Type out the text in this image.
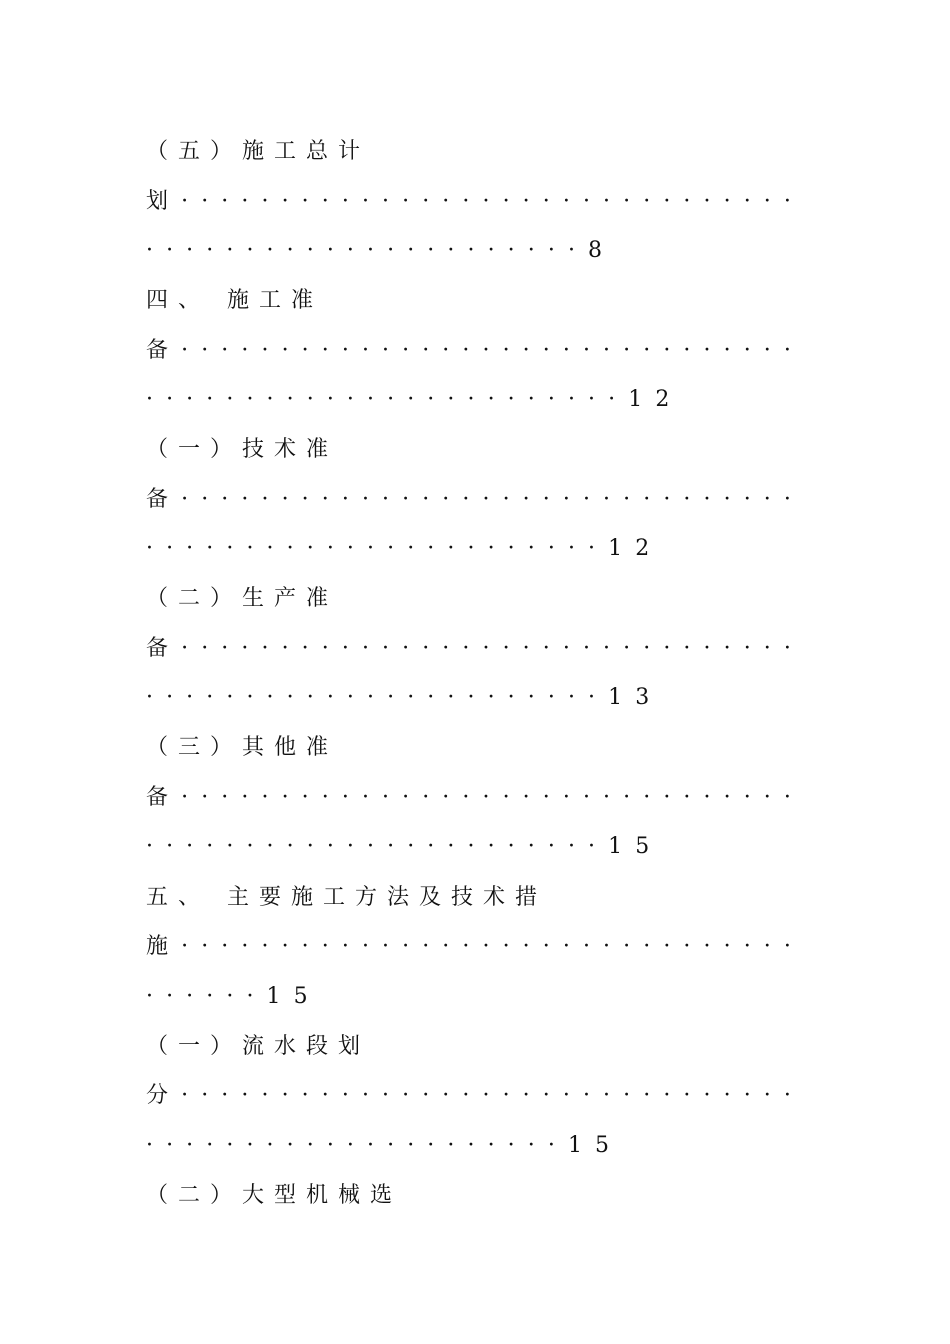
（五）施工总计
划·······························
······················8
四、 施工准
备·······························
························12
（一）技术准
备·······························
·······················12
（二）生产准
备·······························
·······················13
（三）其他准
备·······························
·······················15
五、 主要施工方法及技术措
施·······························
······15
（一）流水段划
分·······························
·····················15
（二）大型机械选
